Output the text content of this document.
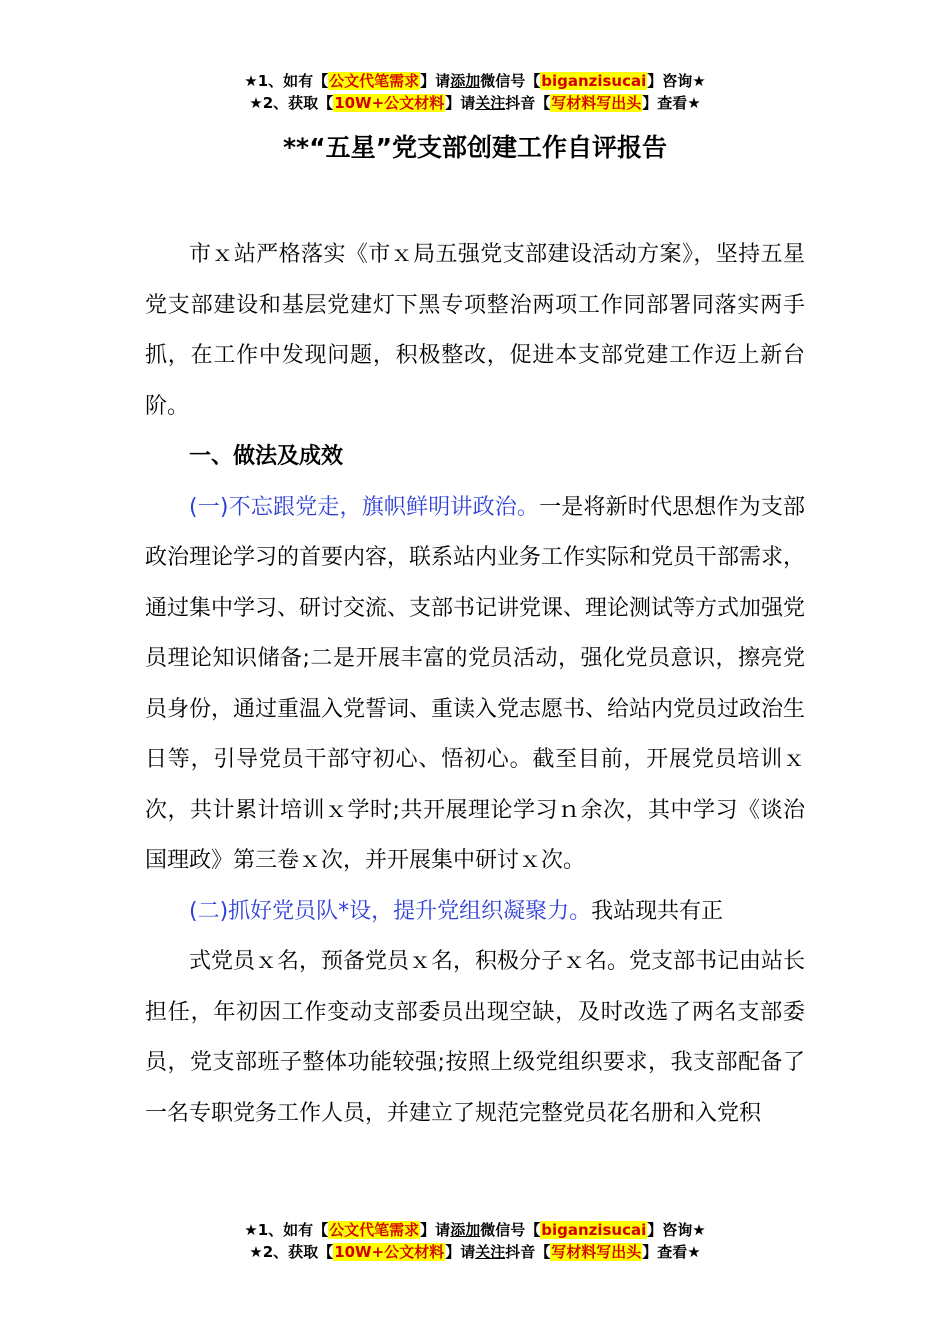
★1、如有【公文代笔需求】请添加微信号【biganzisucai】咨询★
★2、获取【10W+公文材料】请关注抖音【写材料写出头】查看★
**“五星”党支部创建工作自评报告

市ｘ站严格落实《市ｘ局五强党支部建设活动方案》，坚持五星党支部建设和基层党建灯下黑专项整治两项工作同部署同落实两手抓，在工作中发现问题，积极整改，促进本支部党建工作迈上新台阶。

一、做法及成效

(一)不忘跟党走，旗帜鲜明讲政治。一是将新时代思想作为支部政治理论学习的首要内容，联系站内业务工作实际和党员干部需求，通过集中学习、研讨交流、支部书记讲党课、理论测试等方式加强党员理论知识储备;二是开展丰富的党员活动，强化党员意识，擦亮党员身份，通过重温入党誓词、重读入党志愿书、给站内党员过政治生日等，引导党员干部守初心、悟初心。截至目前，开展党员培训ｘ次，共计累计培训ｘ学时;共开展理论学习ｎ余次，其中学习《谈治国理政》第三卷ｘ次，并开展集中研讨ｘ次。

(二)抓好党员队*设，提升党组织凝聚力。我站现共有正

式党员ｘ名，预备党员ｘ名，积极分子ｘ名。党支部书记由站长担任，年初因工作变动支部委员出现空缺，及时改选了两名支部委员，党支部班子整体功能较强;按照上级党组织要求，我支部配备了一名专职党务工作人员，并建立了规范完整党员花名册和入党积

★1、如有【公文代笔需求】请添加微信号【biganzisucai】咨询★
★2、获取【10W+公文材料】请关注抖音【写材料写出头】查看★
